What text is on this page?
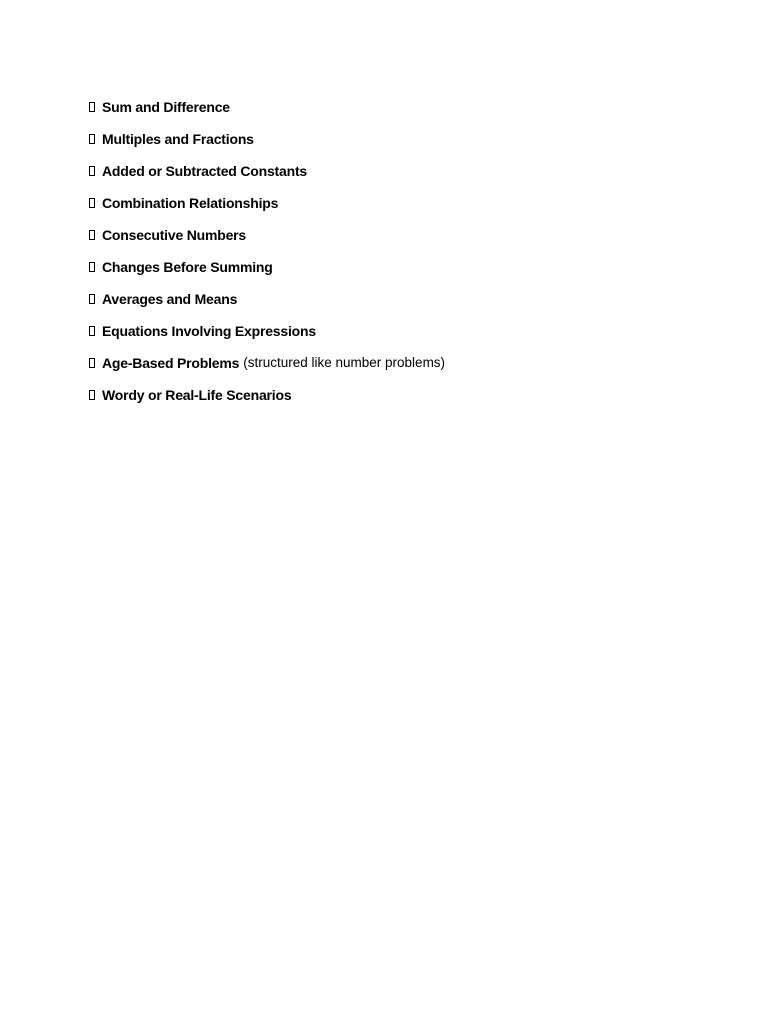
Sum and Difference
Multiples and Fractions
Added or Subtracted Constants
Combination Relationships
Consecutive Numbers
Changes Before Summing
Averages and Means
Equations Involving Expressions
Age-Based Problems (structured like number problems)
Wordy or Real-Life Scenarios
